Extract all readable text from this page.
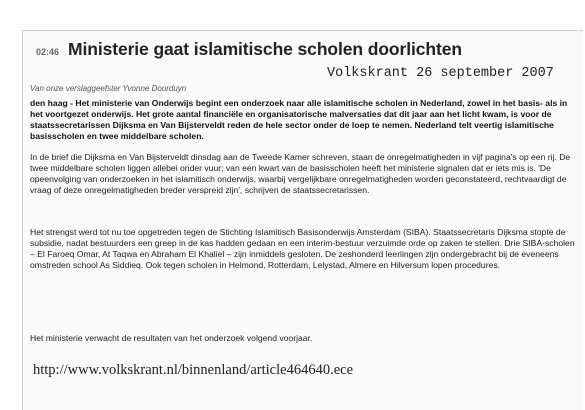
02:46 Ministerie gaat islamitische scholen doorlichten
Van onze verslaggeefster Yvonne Doorduyn
Volkskrant 26 september 2007

den haag - Het ministerie van Onderwijs begint een onderzoek naar alle islamitische scholen in Nederland, zowel in het basis- als in het voortgezet onderwijs. Het grote aantal financiële en organisatorische malversaties dat dit jaar aan het licht kwam, is voor de staatssecretarissen Dijksma en Van Bijsterveldt reden de hele sector onder de loep te nemen. Nederland telt veertig islamitische basisscholen en twee middelbare scholen.

In de brief die Dijksma en Van Bijsterveldt dinsdag aan de Tweede Kamer schreven, staan de onregelmatigheden in vijf pagina's op een rij. De twee middelbare scholen liggen allebei onder vuur; van een kwart van de basisscholen heeft het ministerie signalen dat er iets mis is. 'De opeenvolging van onderzoeken in het islamitisch onderwijs, waarbij vergelijkbare onregelmatigheden worden geconstateerd, rechtvaardigt de vraag of deze onregelmatigheden breder verspreid zijn', schrijven de staatssecretarissen.

Het strengst werd tot nu toe opgetreden tegen de Stichting Islamitisch Basisonderwijs Amsterdam (SIBA). Staatssecretaris Dijksma stopte de subsidie, nadat bestuurders een greep in de kas hadden gedaan en een interim-bestuur verzuimde orde op zaken te stellen. Drie SIBA-scholen – El Faroeq Omar, At Taqwa en Abraham El Khaliel – zijn inmiddels gesloten. De zeshonderd leerlingen zijn ondergebracht bij de eveneens omstreden school As Siddieq. Ook tegen scholen in Helmond, Rotterdam, Lelystad, Almere en Hilversum lopen procedures.

Het ministerie verwacht de resultaten van het onderzoek volgend voorjaar.

http://www.volkskrant.nl/binnenland/article464640.ece
